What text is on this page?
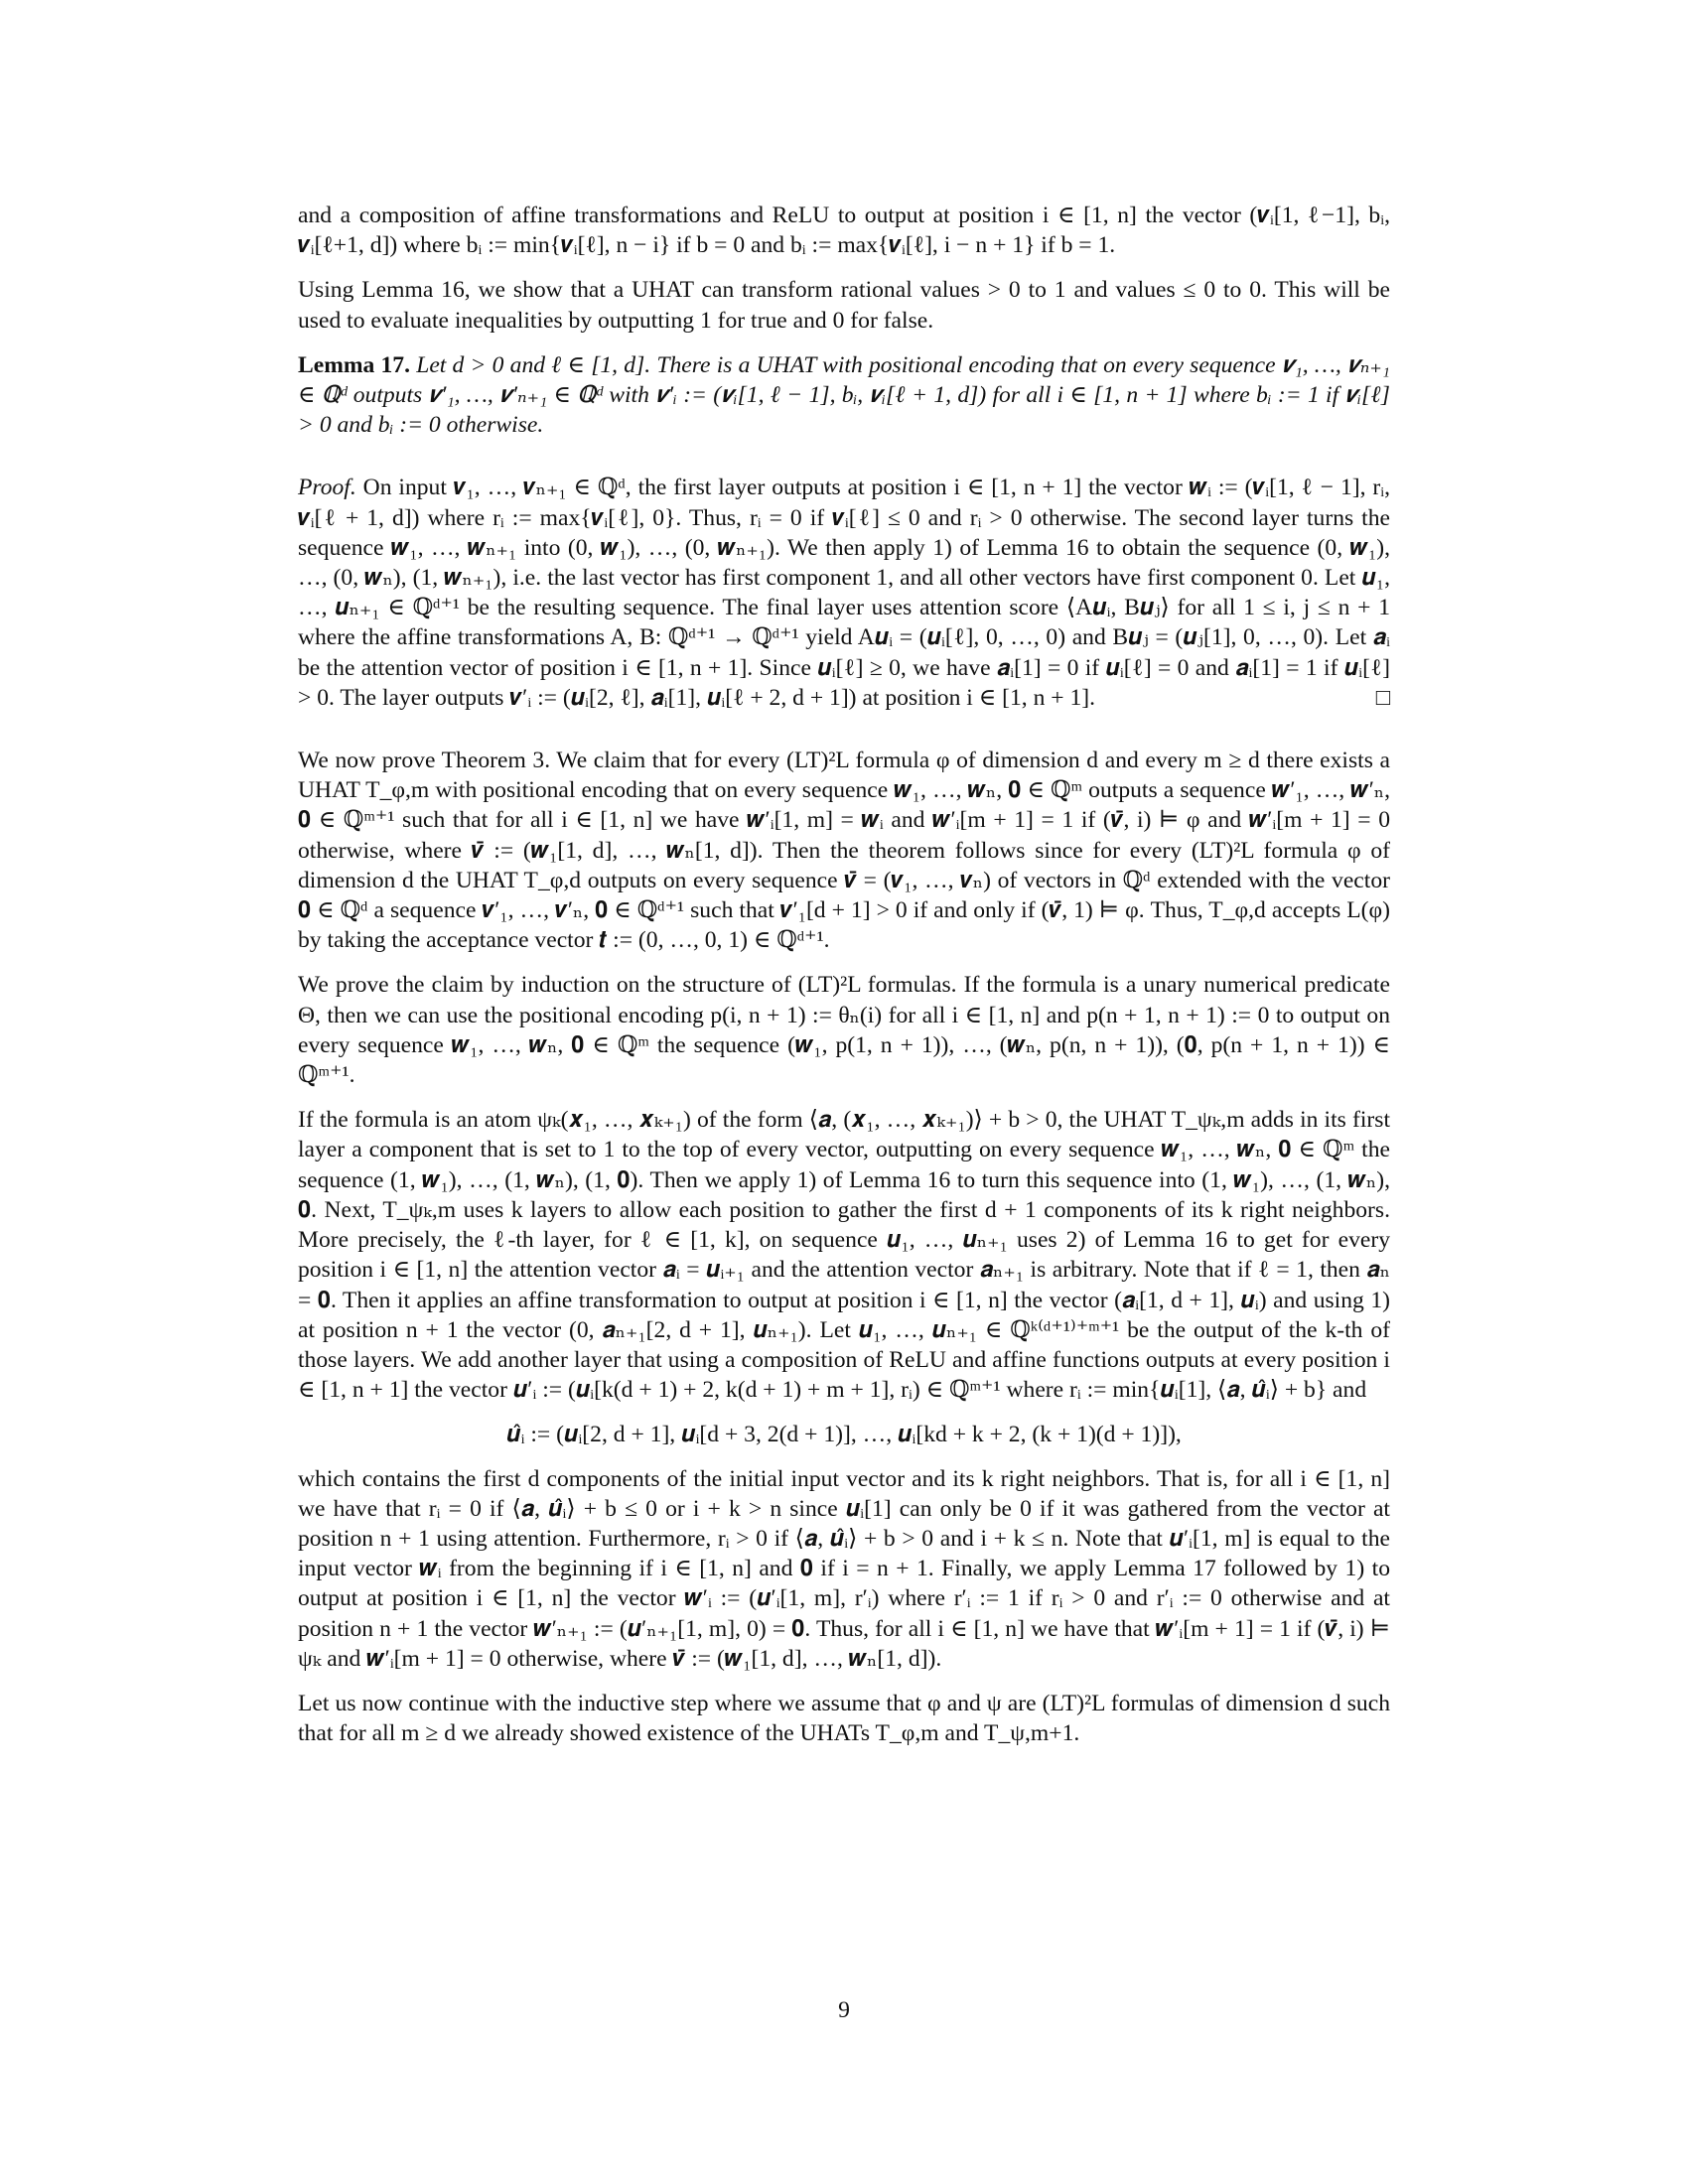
and a composition of affine transformations and ReLU to output at position i ∈ [1, n] the vector (𝒗ᵢ[1, ℓ−1], bᵢ, 𝒗ᵢ[ℓ+1, d]) where bᵢ := min{𝒗ᵢ[ℓ], n − i} if b = 0 and bᵢ := max{𝒗ᵢ[ℓ], i − n + 1} if b = 1.

Using Lemma 16, we show that a UHAT can transform rational values > 0 to 1 and values ≤ 0 to 0. This will be used to evaluate inequalities by outputting 1 for true and 0 for false.

Lemma 17. Let d > 0 and ℓ ∈ [1, d]. There is a UHAT with positional encoding that on every sequence 𝒗₁, …, 𝒗ₙ₊₁ ∈ ℚᵈ outputs 𝒗′₁, …, 𝒗′ₙ₊₁ ∈ ℚᵈ with 𝒗′ᵢ := (𝒗ᵢ[1, ℓ − 1], bᵢ, 𝒗ᵢ[ℓ + 1, d]) for all i ∈ [1, n + 1] where bᵢ := 1 if 𝒗ᵢ[ℓ] > 0 and bᵢ := 0 otherwise.

Proof. On input 𝒗₁, …, 𝒗ₙ₊₁ ∈ ℚᵈ, the first layer outputs at position i ∈ [1, n + 1] the vector 𝒘ᵢ := (𝒗ᵢ[1, ℓ − 1], rᵢ, 𝒗ᵢ[ℓ + 1, d]) where rᵢ := max{𝒗ᵢ[ℓ], 0}. Thus, rᵢ = 0 if 𝒗ᵢ[ℓ] ≤ 0 and rᵢ > 0 otherwise. The second layer turns the sequence 𝒘₁, …, 𝒘ₙ₊₁ into (0, 𝒘₁), …, (0, 𝒘ₙ₊₁). We then apply 1) of Lemma 16 to obtain the sequence (0, 𝒘₁), …, (0, 𝒘ₙ), (1, 𝒘ₙ₊₁), i.e. the last vector has first component 1, and all other vectors have first component 0. Let 𝒖₁, …, 𝒖ₙ₊₁ ∈ ℚᵈ⁺¹ be the resulting sequence. The final layer uses attention score ⟨A𝒖ᵢ, B𝒖ⱼ⟩ for all 1 ≤ i, j ≤ n + 1 where the affine transformations A, B: ℚᵈ⁺¹ → ℚᵈ⁺¹ yield A𝒖ᵢ = (𝒖ᵢ[ℓ], 0, …, 0) and B𝒖ⱼ = (𝒖ⱼ[1], 0, …, 0). Let 𝒂ᵢ be the attention vector of position i ∈ [1, n + 1]. Since 𝒖ᵢ[ℓ] ≥ 0, we have 𝒂ᵢ[1] = 0 if 𝒖ᵢ[ℓ] = 0 and 𝒂ᵢ[1] = 1 if 𝒖ᵢ[ℓ] > 0. The layer outputs 𝒗′ᵢ := (𝒖ᵢ[2, ℓ], 𝒂ᵢ[1], 𝒖ᵢ[ℓ + 2, d + 1]) at position i ∈ [1, n + 1].	□

We now prove Theorem 3. We claim that for every (LT)²L formula φ of dimension d and every m ≥ d there exists a UHAT T_φ,m with positional encoding that on every sequence 𝒘₁, …, 𝒘ₙ, 𝟎 ∈ ℚᵐ outputs a sequence 𝒘′₁, …, 𝒘′ₙ, 𝟎 ∈ ℚᵐ⁺¹ such that for all i ∈ [1, n] we have 𝒘′ᵢ[1, m] = 𝒘ᵢ and 𝒘′ᵢ[m + 1] = 1 if (𝒗̄, i) ⊨ φ and 𝒘′ᵢ[m + 1] = 0 otherwise, where 𝒗̄ := (𝒘₁[1, d], …, 𝒘ₙ[1, d]). Then the theorem follows since for every (LT)²L formula φ of dimension d the UHAT T_φ,d outputs on every sequence 𝒗̄ = (𝒗₁, …, 𝒗ₙ) of vectors in ℚᵈ extended with the vector 𝟎 ∈ ℚᵈ a sequence 𝒗′₁, …, 𝒗′ₙ, 𝟎 ∈ ℚᵈ⁺¹ such that 𝒗′₁[d + 1] > 0 if and only if (𝒗̄, 1) ⊨ φ. Thus, T_φ,d accepts L(φ) by taking the acceptance vector 𝒕 := (0, …, 0, 1) ∈ ℚᵈ⁺¹.

We prove the claim by induction on the structure of (LT)²L formulas. If the formula is a unary numerical predicate Θ, then we can use the positional encoding p(i, n + 1) := θₙ(i) for all i ∈ [1, n] and p(n + 1, n + 1) := 0 to output on every sequence 𝒘₁, …, 𝒘ₙ, 𝟎 ∈ ℚᵐ the sequence (𝒘₁, p(1, n + 1)), …, (𝒘ₙ, p(n, n + 1)), (𝟎, p(n + 1, n + 1)) ∈ ℚᵐ⁺¹.

If the formula is an atom ψₖ(𝒙₁, …, 𝒙ₖ₊₁) of the form ⟨𝒂, (𝒙₁, …, 𝒙ₖ₊₁)⟩ + b > 0, the UHAT T_ψₖ,m adds in its first layer a component that is set to 1 to the top of every vector, outputting on every sequence 𝒘₁, …, 𝒘ₙ, 𝟎 ∈ ℚᵐ the sequence (1, 𝒘₁), …, (1, 𝒘ₙ), (1, 𝟎). Then we apply 1) of Lemma 16 to turn this sequence into (1, 𝒘₁), …, (1, 𝒘ₙ), 𝟎. Next, T_ψₖ,m uses k layers to allow each position to gather the first d + 1 components of its k right neighbors. More precisely, the ℓ-th layer, for ℓ ∈ [1, k], on sequence 𝒖₁, …, 𝒖ₙ₊₁ uses 2) of Lemma 16 to get for every position i ∈ [1, n] the attention vector 𝒂ᵢ = 𝒖ᵢ₊₁ and the attention vector 𝒂ₙ₊₁ is arbitrary. Note that if ℓ = 1, then 𝒂ₙ = 𝟎. Then it applies an affine transformation to output at position i ∈ [1, n] the vector (𝒂ᵢ[1, d + 1], 𝒖ᵢ) and using 1) at position n + 1 the vector (0, 𝒂ₙ₊₁[2, d + 1], 𝒖ₙ₊₁). Let 𝒖₁, …, 𝒖ₙ₊₁ ∈ ℚᵏ⁽ᵈ⁺¹⁾⁺ᵐ⁺¹ be the output of the k-th of those layers. We add another layer that using a composition of ReLU and affine functions outputs at every position i ∈ [1, n + 1] the vector 𝒖′ᵢ := (𝒖ᵢ[k(d + 1) + 2, k(d + 1) + m + 1], rᵢ) ∈ ℚᵐ⁺¹ where rᵢ := min{𝒖ᵢ[1], ⟨𝒂, 𝒖̂ᵢ⟩ + b} and

𝒖̂ᵢ := (𝒖ᵢ[2, d + 1], 𝒖ᵢ[d + 3, 2(d + 1)], …, 𝒖ᵢ[kd + k + 2, (k + 1)(d + 1)]),

which contains the first d components of the initial input vector and its k right neighbors. That is, for all i ∈ [1, n] we have that rᵢ = 0 if ⟨𝒂, 𝒖̂ᵢ⟩ + b ≤ 0 or i + k > n since 𝒖ᵢ[1] can only be 0 if it was gathered from the vector at position n + 1 using attention. Furthermore, rᵢ > 0 if ⟨𝒂, 𝒖̂ᵢ⟩ + b > 0 and i + k ≤ n. Note that 𝒖′ᵢ[1, m] is equal to the input vector 𝒘ᵢ from the beginning if i ∈ [1, n] and 𝟎 if i = n + 1. Finally, we apply Lemma 17 followed by 1) to output at position i ∈ [1, n] the vector 𝒘′ᵢ := (𝒖′ᵢ[1, m], r′ᵢ) where r′ᵢ := 1 if rᵢ > 0 and r′ᵢ := 0 otherwise and at position n + 1 the vector 𝒘′ₙ₊₁ := (𝒖′ₙ₊₁[1, m], 0) = 𝟎. Thus, for all i ∈ [1, n] we have that 𝒘′ᵢ[m + 1] = 1 if (𝒗̄, i) ⊨ ψₖ and 𝒘′ᵢ[m + 1] = 0 otherwise, where 𝒗̄ := (𝒘₁[1, d], …, 𝒘ₙ[1, d]).

Let us now continue with the inductive step where we assume that φ and ψ are (LT)²L formulas of dimension d such that for all m ≥ d we already showed existence of the UHATs T_φ,m and T_ψ,m+1.

9
